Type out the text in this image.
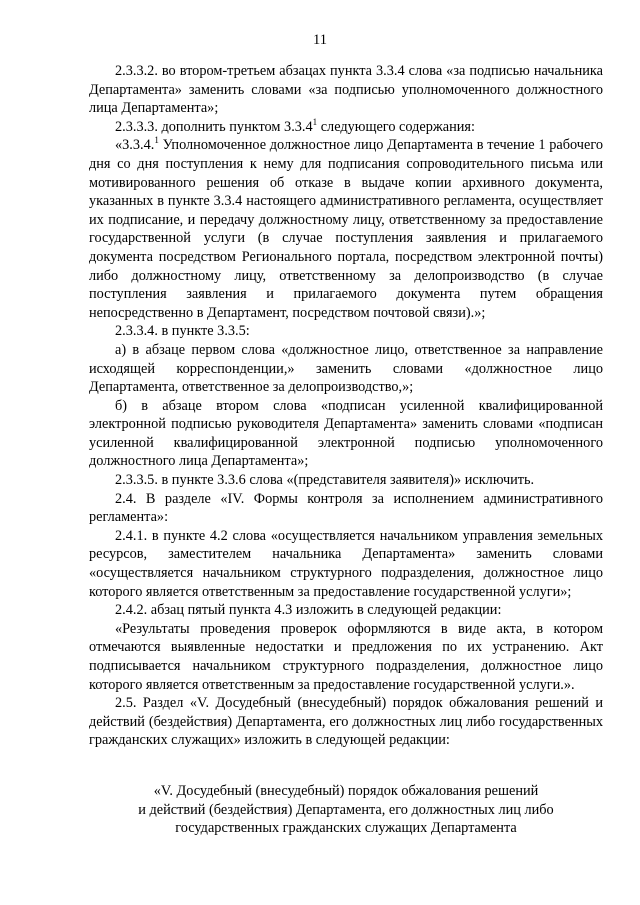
11

2.3.3.2. во втором-третьем абзацах пункта 3.3.4 слова «за подписью начальника Департамента» заменить словами «за подписью уполномоченного должностного лица Департамента»;

2.3.3.3. дополнить пунктом 3.3.4$^1$ следующего содержания:

«3.3.4.$^1$ Уполномоченное должностное лицо Департамента в течение 1 рабочего дня со дня поступления к нему для подписания сопроводительного письма или мотивированного решения об отказе в выдаче копии архивного документа, указанных в пункте 3.3.4 настоящего административного регламента, осуществляет их подписание, и передачу должностному лицу, ответственному за предоставление государственной услуги (в случае поступления заявления и прилагаемого документа посредством Регионального портала, посредством электронной почты) либо должностному лицу, ответственному за делопроизводство (в случае поступления заявления и прилагаемого документа путем обращения непосредственно в Департамент, посредством почтовой связи).»;

2.3.3.4. в пункте 3.3.5:

а) в абзаце первом слова «должностное лицо, ответственное за направление исходящей корреспонденции,» заменить словами «должностное лицо Департамента, ответственное за делопроизводство,»;

б) в абзаце втором слова «подписан усиленной квалифицированной электронной подписью руководителя Департамента» заменить словами «подписан усиленной квалифицированной электронной подписью уполномоченного должностного лица Департамента»;

2.3.3.5. в пункте 3.3.6 слова «(представителя заявителя)» исключить.

2.4. В разделе «IV. Формы контроля за исполнением административного регламента»:

2.4.1. в пункте 4.2 слова «осуществляется начальником управления земельных ресурсов, заместителем начальника Департамента» заменить словами «осуществляется начальником структурного подразделения, должностное лицо которого является ответственным за предоставление государственной услуги»;

2.4.2. абзац пятый пункта 4.3 изложить в следующей редакции:

«Результаты проведения проверок оформляются в виде акта, в котором отмечаются выявленные недостатки и предложения по их устранению. Акт подписывается начальником структурного подразделения, должностное лицо которого является ответственным за предоставление государственной услуги.».

2.5. Раздел «V. Досудебный (внесудебный) порядок обжалования решений и действий (бездействия) Департамента, его должностных лиц либо государственных гражданских служащих» изложить в следующей редакции:

«V. Досудебный (внесудебный) порядок обжалования решений
и действий (бездействия) Департамента, его должностных лиц либо
государственных гражданских служащих Департамента
